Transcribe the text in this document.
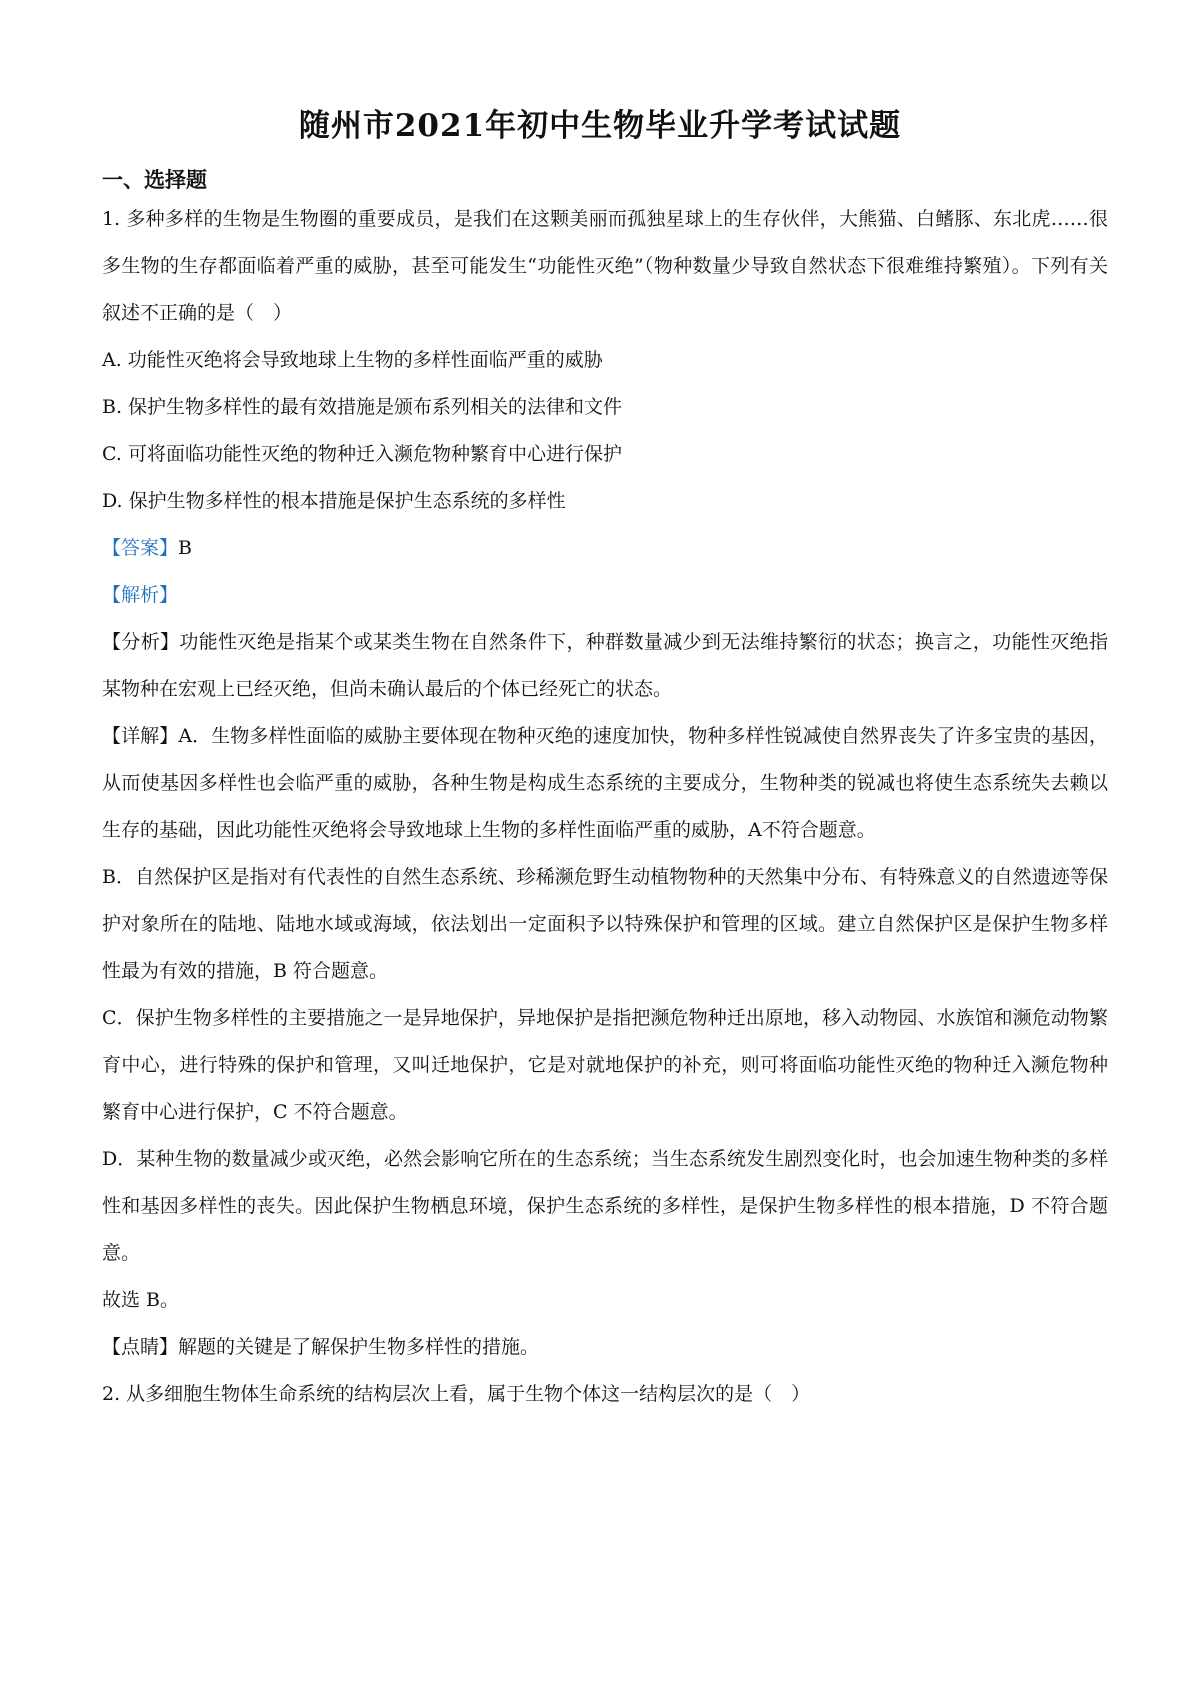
随州市2021年初中生物毕业升学考试试题
一、选择题

1. 多种多样的生物是生物圈的重要成员，是我们在这颗美丽而孤独星球上的生存伙伴，大熊猫、白鳍豚、东北虎……很多生物的生存都面临着严重的威胁，甚至可能发生“功能性灭绝”（物种数量少导致自然状态下很难维持繁殖）。下列有关叙述不正确的是（　）

A. 功能性灭绝将会导致地球上生物的多样性面临严重的威胁

B. 保护生物多样性的最有效措施是颁布系列相关的法律和文件

C. 可将面临功能性灭绝的物种迁入濒危物种繁育中心进行保护

D. 保护生物多样性的根本措施是保护生态系统的多样性

【答案】B

【解析】

【分析】功能性灭绝是指某个或某类生物在自然条件下，种群数量减少到无法维持繁衍的状态；换言之，功能性灭绝指某物种在宏观上已经灭绝，但尚未确认最后的个体已经死亡的状态。

【详解】A．生物多样性面临的威胁主要体现在物种灭绝的速度加快，物种多样性锐减使自然界丧失了许多宝贵的基因，从而使基因多样性也会临严重的威胁，各种生物是构成生态系统的主要成分，生物种类的锐减也将使生态系统失去赖以生存的基础，因此功能性灭绝将会导致地球上生物的多样性面临严重的威胁，A不符合题意。

B．自然保护区是指对有代表性的自然生态系统、珍稀濒危野生动植物物种的天然集中分布、有特殊意义的自然遗迹等保护对象所在的陆地、陆地水域或海域，依法划出一定面积予以特殊保护和管理的区域。建立自然保护区是保护生物多样性最为有效的措施，B 符合题意。

C．保护生物多样性的主要措施之一是异地保护，异地保护是指把濒危物种迁出原地，移入动物园、水族馆和濒危动物繁育中心，进行特殊的保护和管理，又叫迁地保护，它是对就地保护的补充，则可将面临功能性灭绝的物种迁入濒危物种繁育中心进行保护，C 不符合题意。

D．某种生物的数量减少或灭绝，必然会影响它所在的生态系统；当生态系统发生剧烈变化时，也会加速生物种类的多样性和基因多样性的丧失。因此保护生物栖息环境，保护生态系统的多样性，是保护生物多样性的根本措施，D 不符合题意。

故选 B。

【点睛】解题的关键是了解保护生物多样性的措施。

2. 从多细胞生物体生命系统的结构层次上看，属于生物个体这一结构层次的是（　）
